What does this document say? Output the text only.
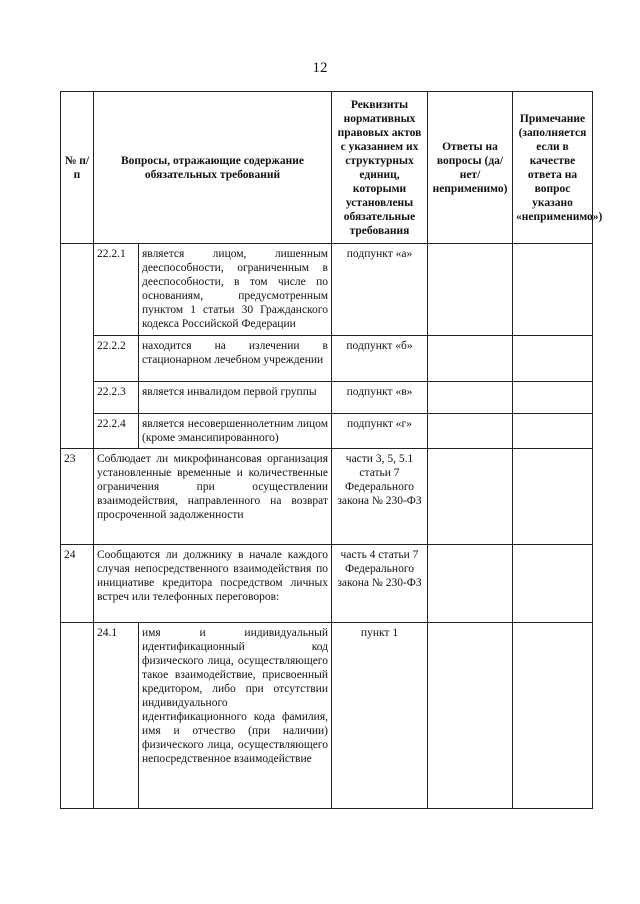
12
№ п/п	Вопросы, отражающие содержание обязательных требований		Реквизиты нормативных правовых актов с указанием их структурных единиц, которыми установлены обязательные требования	Ответы на вопросы (да/нет/ неприменимо)	Примечание (заполняется если в качестве ответа на вопрос указано «неприменимо»)
	22.2.1	является лицом, лишенным дееспособности, ограниченным в дееспособности, в том числе по основаниям, предусмотренным пунктом 1 статьи 30 Гражданского кодекса Российской Федерации	подпункт «а»		
	22.2.2	находится на излечении в стационарном лечебном учреждении	подпункт «б»		
	22.2.3	является инвалидом первой группы	подпункт «в»		
	22.2.4	является несовершеннолетним лицом (кроме эмансипированного)	подпункт «г»		
23	Соблюдает ли микрофинансовая организация установленные временные и количественные ограничения при осуществлении взаимодействия, направленного на возврат просроченной задолженности		части 3, 5, 5.1 статьи 7 Федерального закона № 230-ФЗ		
24	Сообщаются ли должнику в начале каждого случая непосредственного взаимодействия по инициативе кредитора посредством личных встреч или телефонных переговоров:		часть 4 статьи 7 Федерального закона № 230-ФЗ		
	24.1	имя и индивидуальный идентификационный код физического лица, осуществляющего такое взаимодействие, присвоенный кредитором, либо при отсутствии индивидуального идентификационного кода фамилия, имя и отчество (при наличии) физического лица, осуществляющего непосредственное взаимодействие	пункт 1		
